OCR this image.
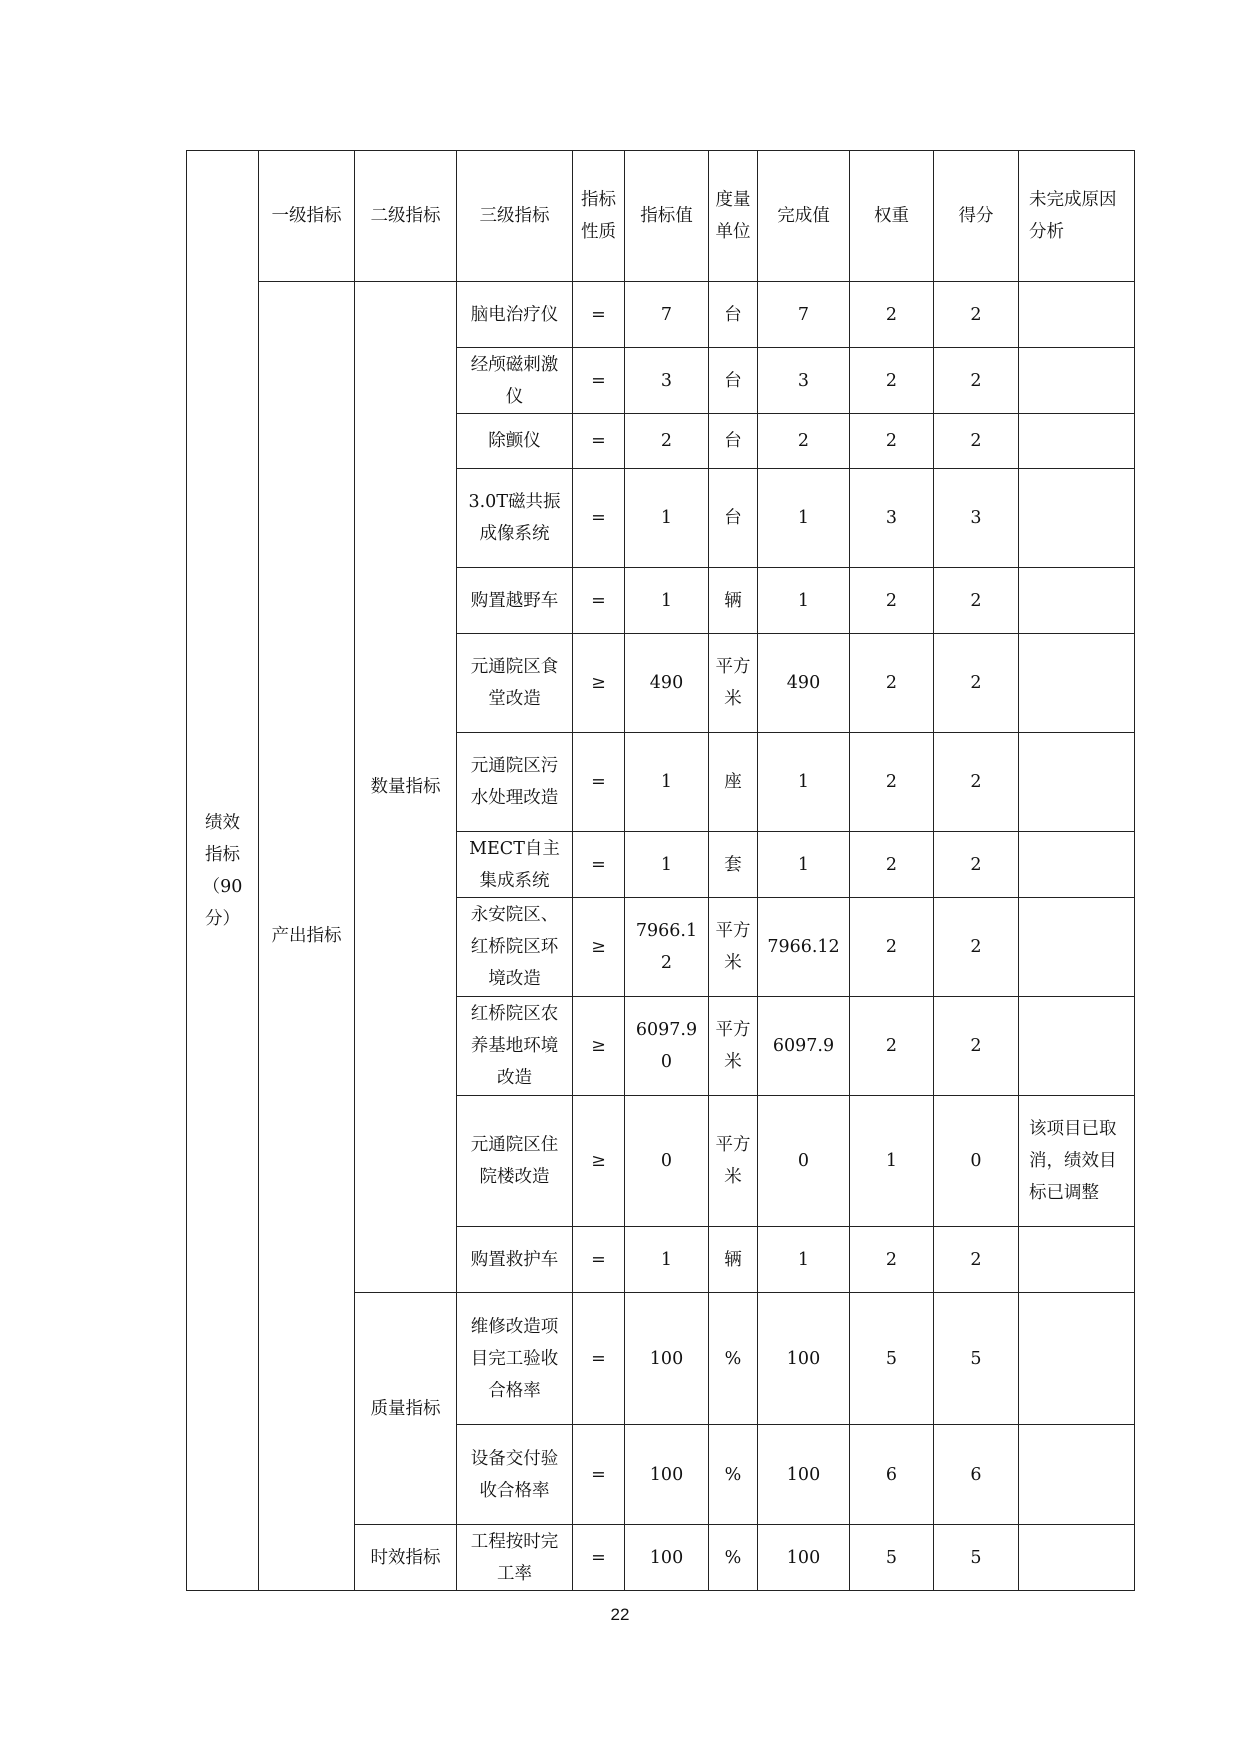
绩效指标（90分）	一级指标	二级指标	三级指标	指标性质	指标值	度量单位	完成值	权重	得分	未完成原因分析
	产出指标	数量指标	脑电治疗仪	=	7	台	7	2	2	
			经颅磁刺激仪	=	3	台	3	2	2	
			除颤仪	=	2	台	2	2	2	
			3.0T磁共振成像系统	=	1	台	1	3	3	
			购置越野车	=	1	辆	1	2	2	
			元通院区食堂改造	≥	490	平方米	490	2	2	
			元通院区污水处理改造	=	1	座	1	2	2	
			MECT自主集成系统	=	1	套	1	2	2	
			永安院区、红桥院区环境改造	≥	7966.12	平方米	7966.12	2	2	
			红桥院区农养基地环境改造	≥	6097.90	平方米	6097.9	2	2	
			元通院区住院楼改造	≥	0	平方米	0	1	0	该项目已取消，绩效目标已调整
			购置救护车	=	1	辆	1	2	2	
		质量指标	维修改造项目完工验收合格率	=	100	%	100	5	5	
			设备交付验收合格率	=	100	%	100	6	6	
		时效指标	工程按时完工率	=	100	%	100	5	5	
22
